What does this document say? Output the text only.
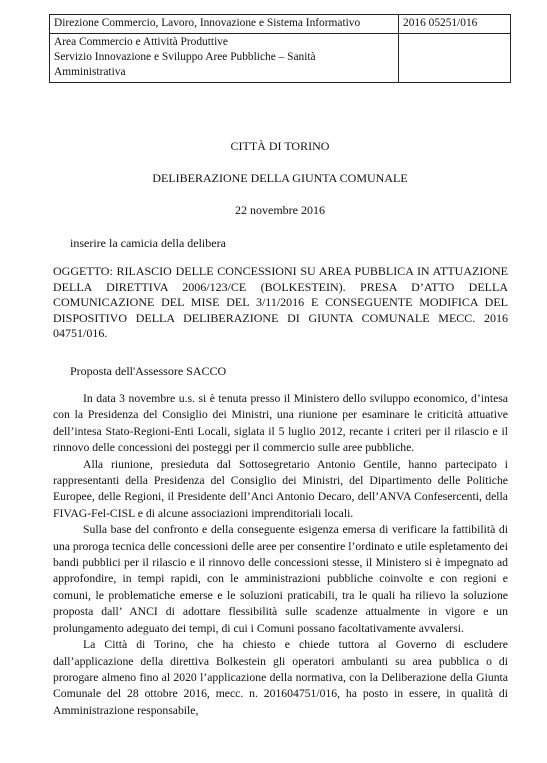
Direzione Commercio, Lavoro, Innovazione e Sistema Informativo	2016 05251/016

Area Commercio e Attività Produttive
Servizio Innovazione e Sviluppo Aree Pubbliche – Sanità
Amministrativa	

CITTÀ DI TORINO
DELIBERAZIONE DELLA GIUNTA COMUNALE
22 novembre 2016
inserire la camicia della delibera
OGGETTO: RILASCIO DELLE CONCESSIONI SU AREA PUBBLICA IN ATTUAZIONE DELLA DIRETTIVA 2006/123/CE (BOLKESTEIN). PRESA D’ATTO DELLA COMUNICAZIONE DEL MISE DEL 3/11/2016 E CONSEGUENTE MODIFICA DEL DISPOSITIVO DELLA DELIBERAZIONE DI GIUNTA COMUNALE MECC. 2016 04751/016.
Proposta dell'Assessore SACCO

In data 3 novembre u.s. si è tenuta presso il Ministero dello sviluppo economico, d’intesa con la Presidenza del Consiglio dei Ministri, una riunione per esaminare le criticità attuative dell’intesa Stato-Regioni-Enti Locali, siglata il 5 luglio 2012, recante i criteri per il rilascio e il rinnovo delle concessioni dei posteggi per il commercio sulle aree pubbliche.

Alla riunione, presieduta dal Sottosegretario Antonio Gentile, hanno partecipato i rappresentanti della Presidenza del Consiglio dei Ministri, del Dipartimento delle Politiche Europee, delle Regioni, il Presidente dell’Anci Antonio Decaro, dell’ANVA Confesercenti, della FIVAG-Fel-CISL e di alcune associazioni imprenditoriali locali.

Sulla base del confronto e della conseguente esigenza emersa di verificare la fattibilità di una proroga tecnica delle concessioni delle aree per consentire l’ordinato e utile espletamento dei bandi pubblici per il rilascio e il rinnovo delle concessioni stesse, il Ministero si è impegnato ad approfondire, in tempi rapidi, con le amministrazioni pubbliche coinvolte e con regioni e comuni, le problematiche emerse e le soluzioni praticabili, tra le quali ha rilievo la soluzione proposta dall’ ANCI di adottare flessibilità sulle scadenze attualmente in vigore e un prolungamento adeguato dei tempi, di cui i Comuni possano facoltativamente avvalersi.

La Città di Torino, che ha chiesto e chiede tuttora al Governo di escludere dall’applicazione della direttiva Bolkestein gli operatori ambulanti su area pubblica o di prorogare almeno fino al 2020 l’applicazione della normativa, con la Deliberazione della Giunta Comunale del 28 ottobre 2016, mecc. n. 201604751/016, ha posto in essere, in qualità di Amministrazione responsabile,
